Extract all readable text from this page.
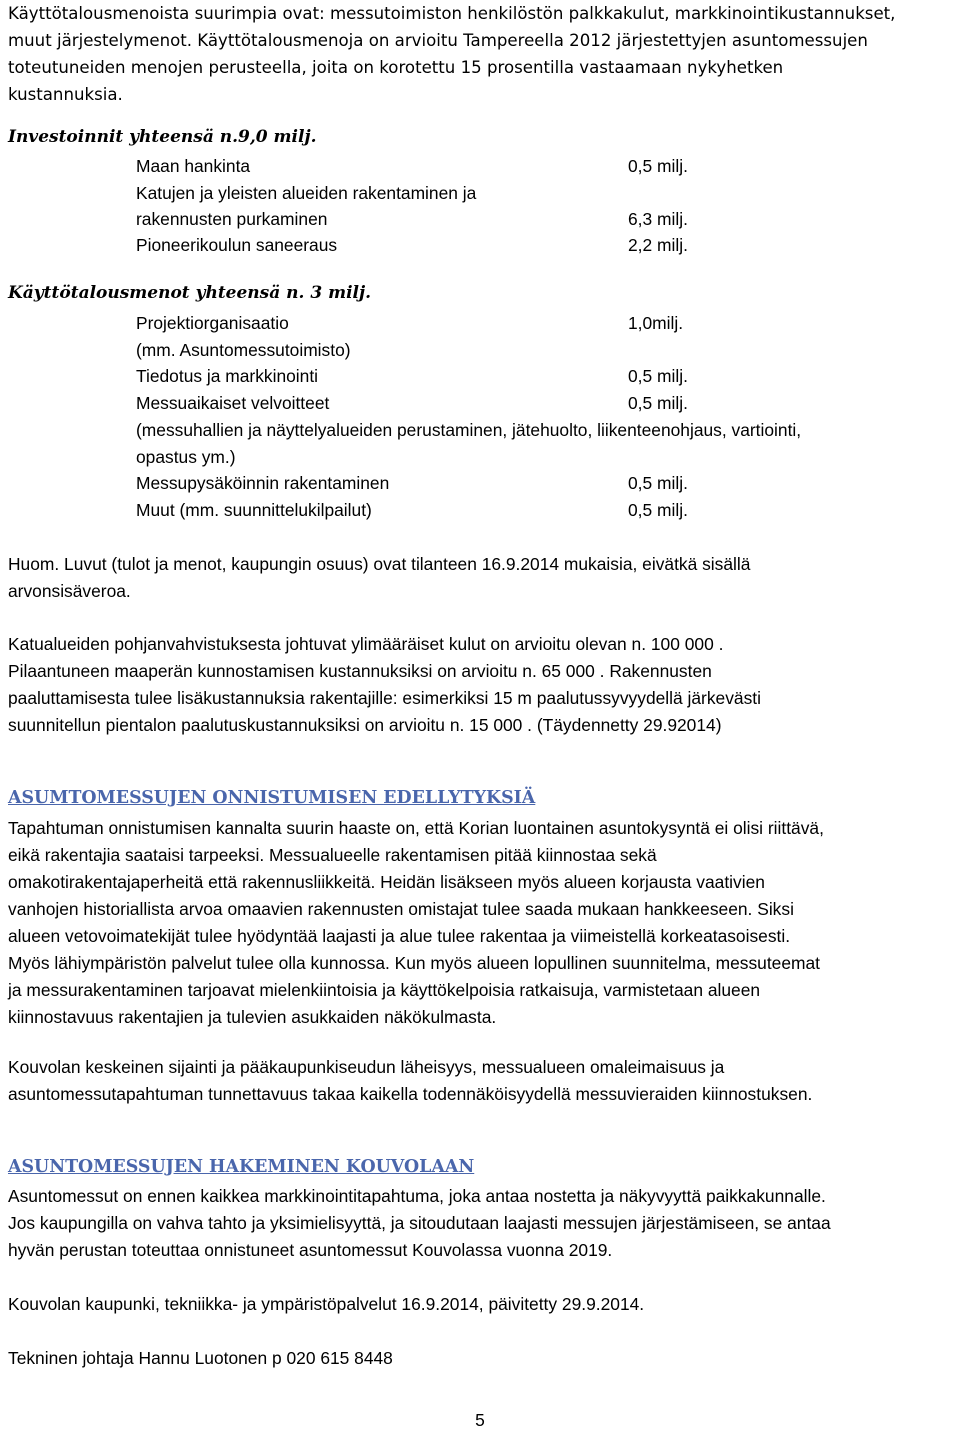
Käyttötalousmenoista suurimpia ovat: messutoimiston henkilöstön palkkakulut, markkinointikustannukset,
muut järjestelymenot. Käyttötalousmenoja on arvioitu Tampereella 2012 järjestettyjen asuntomessujen
toteutuneiden menojen perusteella, joita on korotettu 15 prosentilla vastaamaan nykyhetken
kustannuksia.
Investoinnit yhteensä n.9,0 milj.
Maan hankinta	0,5 milj.
Katujen ja yleisten alueiden rakentaminen ja
rakennusten purkaminen	6,3 milj.
Pioneerikoulun saneeraus	2,2 milj.
Käyttötalousmenot yhteensä n. 3 milj.
Projektiorganisaatio	1,0milj.
(mm. Asuntomessutoimisto)
Tiedotus ja markkinointi	0,5 milj.
Messuaikaiset velvoitteet	0,5 milj.
(messuhallien ja näyttelyalueiden perustaminen, jätehuolto, liikenteenohjaus, vartiointi,
opastus ym.)
Messupysäköinnin rakentaminen	0,5 milj.
Muut (mm. suunnittelukilpailut)	0,5 milj.
Huom. Luvut (tulot ja menot, kaupungin osuus) ovat tilanteen 16.9.2014 mukaisia, eivätkä sisällä
arvonsisäveroa.
Katualueiden pohjanvahvistuksesta johtuvat ylimääräiset kulut on arvioitu olevan n. 100 000 .
Pilaantuneen maaperän kunnostamisen kustannuksiksi on arvioitu n. 65 000 . Rakennusten
paaluttamisesta tulee lisäkustannuksia rakentajille: esimerkiksi 15 m paalutussyvyydellä järkevästi
suunnitellun pientalon paalutuskustannuksiksi on arvioitu n. 15 000 . (Täydennetty 29.92014)
ASUMTOMESSUJEN ONNISTUMISEN EDELLYTYKSIÄ
Tapahtuman onnistumisen kannalta suurin haaste on, että Korian luontainen asuntokysyntä ei olisi riittävä,
eikä rakentajia saataisi tarpeeksi. Messualueelle rakentamisen pitää kiinnostaa sekä
omakotirakentajaperheitä että rakennusliikkeitä. Heidän lisäkseen myös alueen korjausta vaativien
vanhojen historiallista arvoa omaavien rakennusten omistajat tulee saada mukaan hankkeeseen. Siksi
alueen vetovoimatekijät tulee hyödyntää laajasti ja alue tulee rakentaa ja viimeistellä korkeatasoisesti.
Myös lähiympäristön palvelut tulee olla kunnossa. Kun myös alueen lopullinen suunnitelma, messuteemat
ja messurakentaminen tarjoavat mielenkiintoisia ja käyttökelpoisia ratkaisuja, varmistetaan alueen
kiinnostavuus rakentajien ja tulevien asukkaiden näkökulmasta.
Kouvolan keskeinen sijainti ja pääkaupunkiseudun läheisyys, messualueen omaleimaisuus ja
asuntomessutapahtuman tunnettavuus takaa kaikella todennäköisyydellä messuvieraiden kiinnostuksen.
ASUNTOMESSUJEN HAKEMINEN KOUVOLAAN
Asuntomessut on ennen kaikkea markkinointitapahtuma, joka antaa nostetta ja näkyvyyttä paikkakunnalle.
Jos kaupungilla on vahva tahto ja yksimielisyyttä, ja sitoudutaan laajasti messujen järjestämiseen, se antaa
hyvän perustan toteuttaa onnistuneet asuntomessut Kouvolassa vuonna 2019.
Kouvolan kaupunki, tekniikka- ja ympäristöpalvelut 16.9.2014, päivitetty 29.9.2014.
Tekninen johtaja Hannu Luotonen p 020 615 8448
5
